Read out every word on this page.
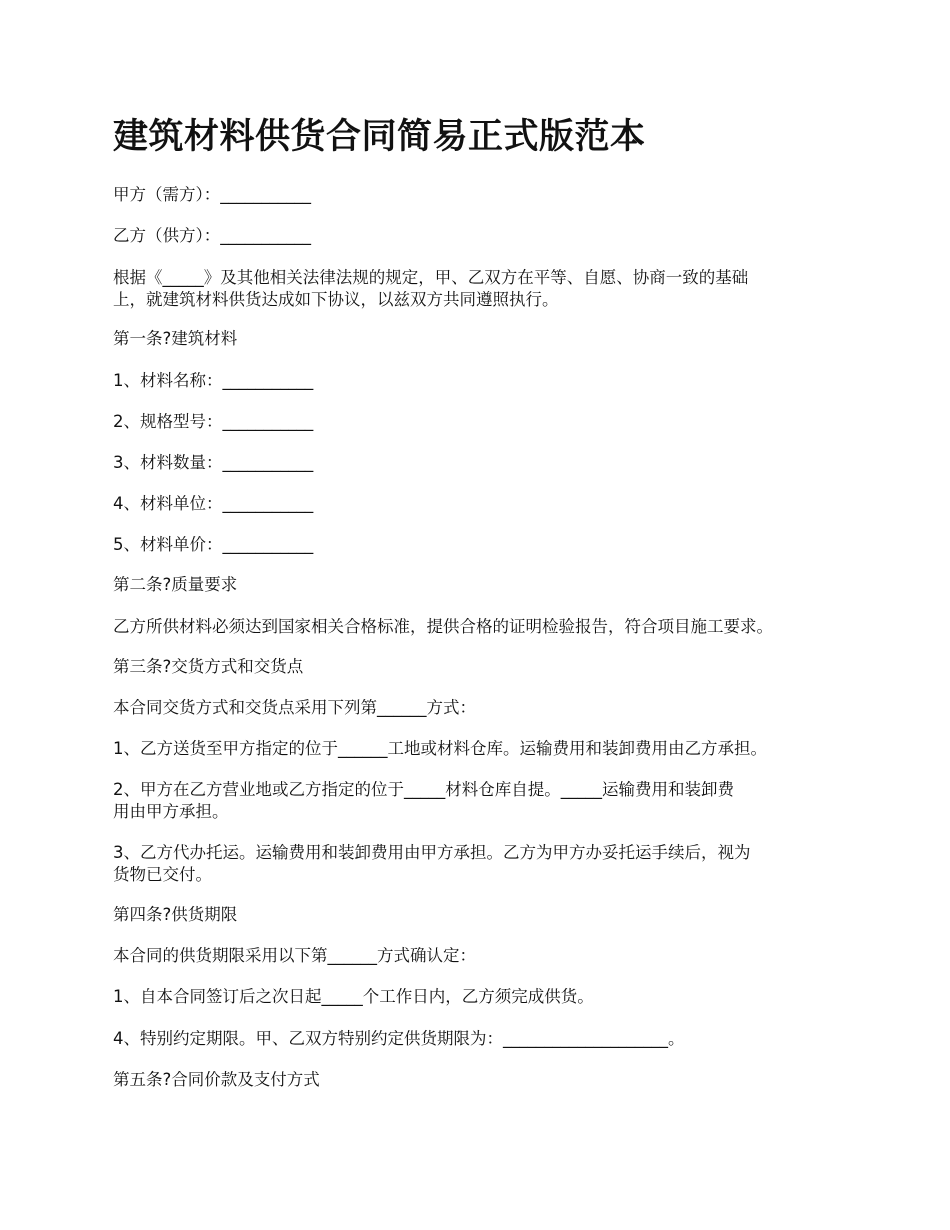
建筑材料供货合同简易正式版范本

甲方（需方）：___________

乙方（供方）：___________

根据《_____》及其他相关法律法规的规定，甲、乙双方在平等、自愿、协商一致的基础

上，就建筑材料供货达成如下协议，以兹双方共同遵照执行。

第一条?建筑材料

1、材料名称：___________

2、规格型号：___________

3、材料数量：___________

4、材料单位：___________

5、材料单价：___________

第二条?质量要求

乙方所供材料必须达到国家相关合格标准，提供合格的证明检验报告，符合项目施工要求。

第三条?交货方式和交货点

本合同交货方式和交货点采用下列第______方式：

1、乙方送货至甲方指定的位于______工地或材料仓库。运输费用和装卸费用由乙方承担。

2、甲方在乙方营业地或乙方指定的位于_____材料仓库自提。_____运输费用和装卸费

用由甲方承担。

3、乙方代办托运。运输费用和装卸费用由甲方承担。乙方为甲方办妥托运手续后，视为

货物已交付。

第四条?供货期限

本合同的供货期限采用以下第______方式确认定：

1、自本合同签订后之次日起_____个工作日内，乙方须完成供货。

4、特别约定期限。甲、乙双方特别约定供货期限为：____________________。

第五条?合同价款及支付方式
